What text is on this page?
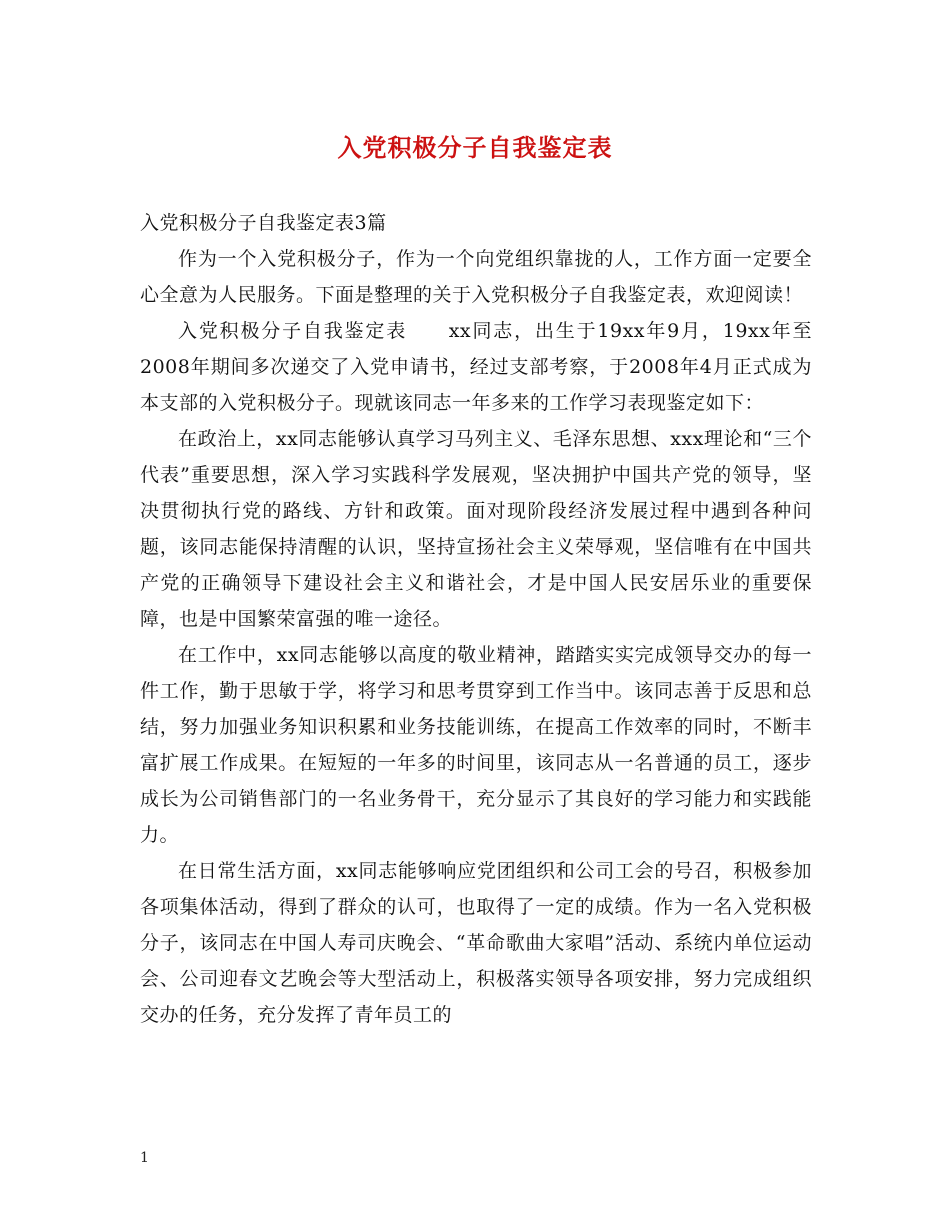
入党积极分子自我鉴定表

入党积极分子自我鉴定表3篇

作为一个入党积极分子，作为一个向党组织靠拢的人，工作方面一定要全心全意为人民服务。下面是整理的关于入党积极分子自我鉴定表，欢迎阅读！

入党积极分子自我鉴定表　　xx同志，出生于19xx年9月，19xx年至2008年期间多次递交了入党申请书，经过支部考察，于2008年4月正式成为本支部的入党积极分子。现就该同志一年多来的工作学习表现鉴定如下：

在政治上，xx同志能够认真学习马列主义、毛泽东思想、xxx理论和“三个代表”重要思想，深入学习实践科学发展观，坚决拥护中国共产党的领导，坚决贯彻执行党的路线、方针和政策。面对现阶段经济发展过程中遇到各种问题，该同志能保持清醒的认识，坚持宣扬社会主义荣辱观，坚信唯有在中国共产党的正确领导下建设社会主义和谐社会，才是中国人民安居乐业的重要保障，也是中国繁荣富强的唯一途径。

在工作中，xx同志能够以高度的敬业精神，踏踏实实完成领导交办的每一件工作，勤于思敏于学，将学习和思考贯穿到工作当中。该同志善于反思和总结，努力加强业务知识积累和业务技能训练，在提高工作效率的同时，不断丰富扩展工作成果。在短短的一年多的时间里，该同志从一名普通的员工，逐步成长为公司销售部门的一名业务骨干，充分显示了其良好的学习能力和实践能力。

在日常生活方面，xx同志能够响应党团组织和公司工会的号召，积极参加各项集体活动，得到了群众的认可，也取得了一定的成绩。作为一名入党积极分子，该同志在中国人寿司庆晚会、“革命歌曲大家唱”活动、系统内单位运动会、公司迎春文艺晚会等大型活动上，积极落实领导各项安排，努力完成组织交办的任务，充分发挥了青年员工的

1
